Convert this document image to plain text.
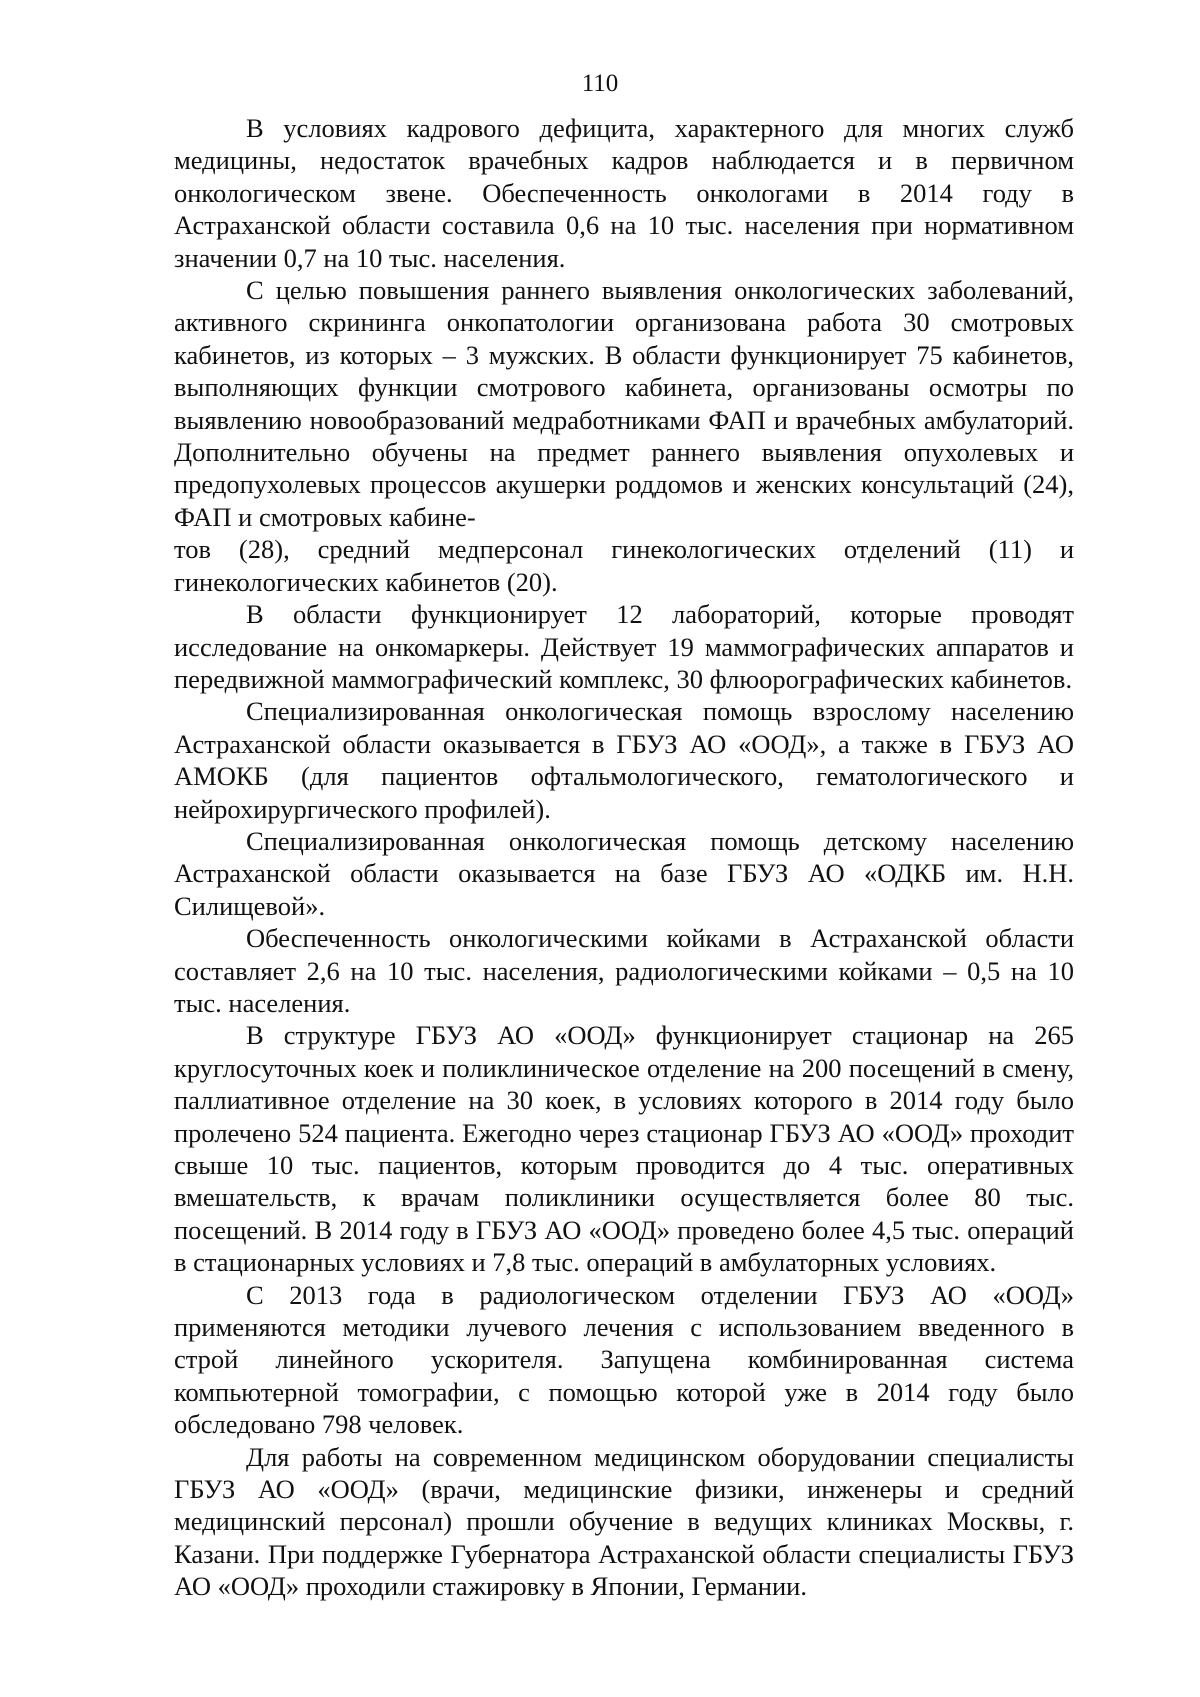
110

В условиях кадрового дефицита, характерного для многих служб медицины, недостаток врачебных кадров наблюдается и в первичном онкологическом звене. Обеспеченность онкологами в 2014 году в Астраханской области составила 0,6 на 10 тыс. населения при нормативном значении 0,7 на 10 тыс. населения.

С целью повышения раннего выявления онкологических заболеваний, активного скрининга онкопатологии организована работа 30 смотровых кабинетов, из которых – 3 мужских. В области функционирует 75 кабинетов, выполняющих функции смотрового кабинета, организованы осмотры по выявлению новообразований медработниками ФАП и врачебных амбулаторий. Дополнительно обучены на предмет раннего выявления опухолевых и предопухолевых процессов акушерки роддомов и женских консультаций (24), ФАП и смотровых кабине-

тов (28), средний медперсонал гинекологических отделений (11) и гинекологических кабинетов (20).

В области функционирует 12 лабораторий, которые проводят исследование на онкомаркеры. Действует 19 маммографических аппаратов и передвижной маммографический комплекс, 30 флюорографических кабинетов.

Специализированная онкологическая помощь взрослому населению Астраханской области оказывается в ГБУЗ АО «ООД», а также в ГБУЗ АО АМОКБ (для пациентов офтальмологического, гематологического и нейрохирургического профилей).

Специализированная онкологическая помощь детскому населению Астраханской области оказывается на базе ГБУЗ АО «ОДКБ им. Н.Н. Силищевой».

Обеспеченность онкологическими койками в Астраханской области составляет 2,6 на 10 тыс. населения, радиологическими койками – 0,5 на 10 тыс. населения.

В структуре ГБУЗ АО «ООД» функционирует стационар на 265 круглосуточных коек и поликлиническое отделение на 200 посещений в смену, паллиативное отделение на 30 коек, в условиях которого в 2014 году было пролечено 524 пациента. Ежегодно через стационар ГБУЗ АО «ООД» проходит свыше 10 тыс. пациентов, которым проводится до 4 тыс. оперативных вмешательств, к врачам поликлиники осуществляется более 80 тыс. посещений. В 2014 году в ГБУЗ АО «ООД» проведено более 4,5 тыс. операций в стационарных условиях и 7,8 тыс. операций в амбулаторных условиях.

С 2013 года в радиологическом отделении ГБУЗ АО «ООД» применяются методики лучевого лечения с использованием введенного в строй линейного ускорителя. Запущена комбинированная система компьютерной томографии, с помощью которой уже в 2014 году было обследовано 798 человек.

Для работы на современном медицинском оборудовании специалисты ГБУЗ АО «ООД» (врачи, медицинские физики, инженеры и средний медицинский персонал) прошли обучение в ведущих клиниках Москвы, г. Казани. При поддержке Губернатора Астраханской области специалисты ГБУЗ АО «ООД» проходили стажировку в Японии, Германии.
